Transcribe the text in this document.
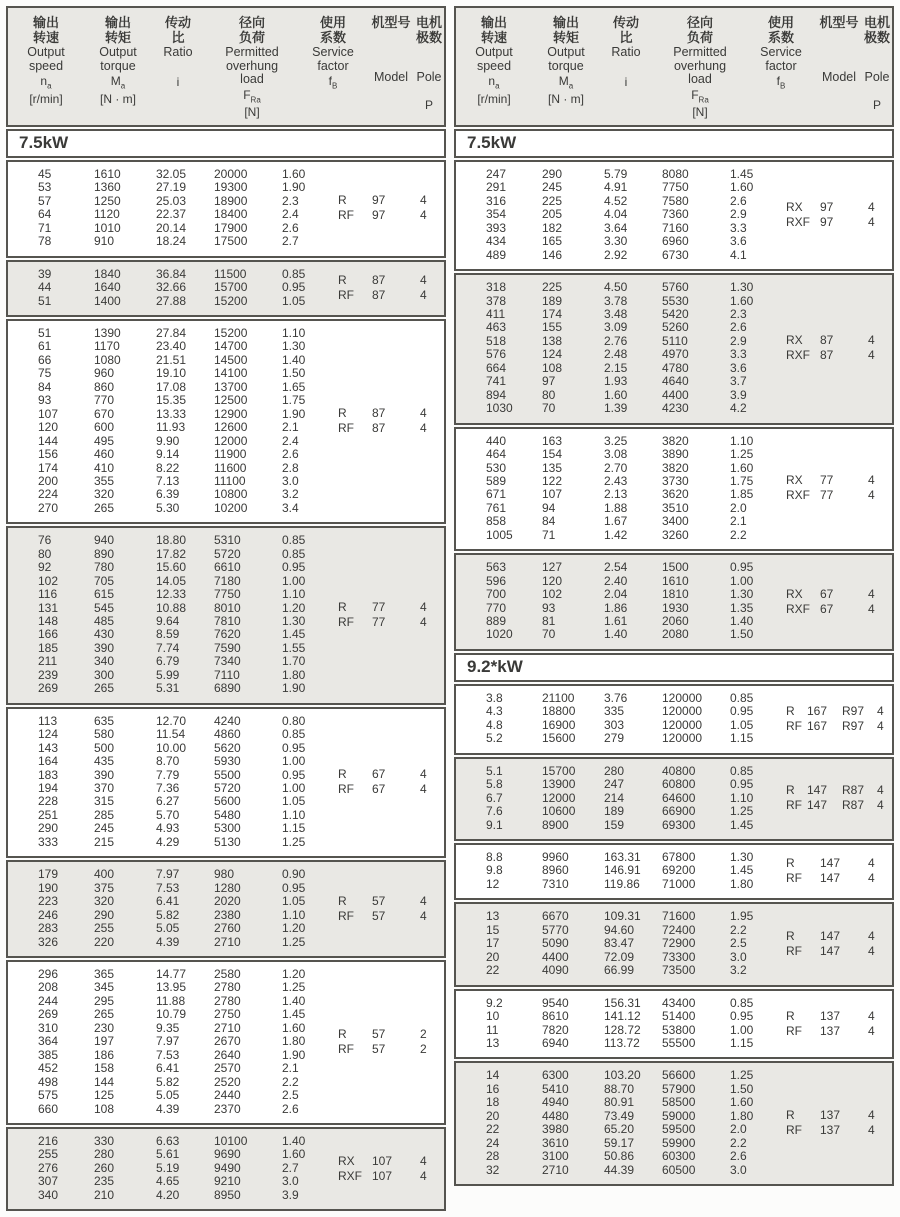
输出
转速
Output
speed
$n_a$
[r/min]
输出
转矩
Output
torque
$M_a$
[N · m]
传动
比
Ratio
i
径向
负荷
Permitted
overhung
load
$F_{Ra}$
[N]
使用
系数
Service
factor
$f_B$
机型号
Model
电机
极数
Pole
P
7.5kW
45	1610	32.05	20000	1.60
53	1360	27.19	19300	1.90
57	1250	25.03	18900	2.3
64	1120	22.37	18400	2.4
71	1010	20.14	17900	2.6
78	910	18.24	17500	2.7
R	97	4
RF	97	4
39	1840	36.84	11500	0.85
44	1640	32.66	15700	0.95
51	1400	27.88	15200	1.05
R	87	4
RF	87	4
51	1390	27.84	15200	1.10
61	1170	23.40	14700	1.30
66	1080	21.51	14500	1.40
75	960	19.10	14100	1.50
84	860	17.08	13700	1.65
93	770	15.35	12500	1.75
107	670	13.33	12900	1.90
120	600	11.93	12600	2.1
144	495	9.90	12000	2.4
156	460	9.14	11900	2.6
174	410	8.22	11600	2.8
200	355	7.13	11100	3.0
224	320	6.39	10800	3.2
270	265	5.30	10200	3.4
R	87	4
RF	87	4
76	940	18.80	5310	0.85
80	890	17.82	5720	0.85
92	780	15.60	6610	0.95
102	705	14.05	7180	1.00
116	615	12.33	7750	1.10
131	545	10.88	8010	1.20
148	485	9.64	7810	1.30
166	430	8.59	7620	1.45
185	390	7.74	7590	1.55
211	340	6.79	7340	1.70
239	300	5.99	7110	1.80
269	265	5.31	6890	1.90
R	77	4
RF	77	4
113	635	12.70	4240	0.80
124	580	11.54	4860	0.85
143	500	10.00	5620	0.95
164	435	8.70	5930	1.00
183	390	7.79	5500	0.95
194	370	7.36	5720	1.00
228	315	6.27	5600	1.05
251	285	5.70	5480	1.10
290	245	4.93	5300	1.15
333	215	4.29	5130	1.25
R	67	4
RF	67	4
179	400	7.97	980	0.90
190	375	7.53	1280	0.95
223	320	6.41	2020	1.05
246	290	5.82	2380	1.10
283	255	5.05	2760	1.20
326	220	4.39	2710	1.25
R	57	4
RF	57	4
296	365	14.77	2580	1.20
208	345	13.95	2780	1.25
244	295	11.88	2780	1.40
269	265	10.79	2750	1.45
310	230	9.35	2710	1.60
364	197	7.97	2670	1.80
385	186	7.53	2640	1.90
452	158	6.41	2570	2.1
498	144	5.82	2520	2.2
575	125	5.05	2440	2.5
660	108	4.39	2370	2.6
R	57	2
RF	57	2
216	330	6.63	10100	1.40
255	280	5.61	9690	1.60
276	260	5.19	9490	2.7
307	235	4.65	9210	3.0
340	210	4.20	8950	3.9
RX	107	4
RXF 107	4
输出
转速
Output
speed
$n_a$
[r/min]
输出
转矩
Output
torque
$M_a$
[N · m]
传动
比
Ratio
i
径向
负荷
Permitted
overhung
load
$F_{Ra}$
[N]
使用
系数
Service
factor
$f_B$
机型号
Model
电机
极数
Pole
P
7.5kW
247	290	5.79	8080	1.45
291	245	4.91	7750	1.60
316	225	4.52	7580	2.6
354	205	4.04	7360	2.9
393	182	3.64	7160	3.3
434	165	3.30	6960	3.6
489	146	2.92	6730	4.1
RX	97	4
RXF 97	4
318	225	4.50	5760	1.30
378	189	3.78	5530	1.60
411	174	3.48	5420	2.3
463	155	3.09	5260	2.6
518	138	2.76	5110	2.9
576	124	2.48	4970	3.3
664	108	2.15	4780	3.6
741	97	1.93	4640	3.7
894	80	1.60	4400	3.9
1030	70	1.39	4230	4.2
RX	87	4
RXF 87	4
440	163	3.25	3820	1.10
464	154	3.08	3890	1.25
530	135	2.70	3820	1.60
589	122	2.43	3730	1.75
671	107	2.13	3620	1.85
761	94	1.88	3510	2.0
858	84	1.67	3400	2.1
1005	71	1.42	3260	2.2
RX	77	4
RXF 77	4
563	127	2.54	1500	0.95
596	120	2.40	1610	1.00
700	102	2.04	1810	1.30
770	93	1.86	1930	1.35
889	81	1.61	2060	1.40
1020	70	1.40	2080	1.50
RX	67	4
RXF 67	4
9.2*kW
3.8	21100	3.76	120000	0.85
4.3	18800	335	120000	0.95
4.8	16900	303	120000	1.05
5.2	15600	279	120000	1.15
R	167	R97	4
RF 167	R97	4
5.1	15700	280	40800	0.85
5.8	13900	247	60800	0.95
6.7	12000	214	64600	1.10
7.6	10600	189	66900	1.25
9.1	8900	159	69300	1.45
R	147	R87	4
RF 147	R87	4
8.8	9960	163.31	67800	1.30
9.8	8960	146.91	69200	1.45
12	7310	119.86	71000	1.80
R	147	4
RF	147	4
13	6670	109.31	71600	1.95
15	5770	94.60	72400	2.2
17	5090	83.47	72900	2.5
20	4400	72.09	73300	3.0
22	4090	66.99	73500	3.2
R	147	4
RF	147	4
9.2	9540	156.31	43400	0.85
10	8610	141.12	51400	0.95
11	7820	128.72	53800	1.00
13	6940	113.72	55500	1.15
R	137	4
RF	137	4
14	6300	103.20	56600	1.25
16	5410	88.70	57900	1.50
18	4940	80.91	58500	1.60
20	4480	73.49	59000	1.80
22	3980	65.20	59500	2.0
24	3610	59.17	59900	2.2
28	3100	50.86	60300	2.6
32	2710	44.39	60500	3.0
R	137	4
RF	137	4
